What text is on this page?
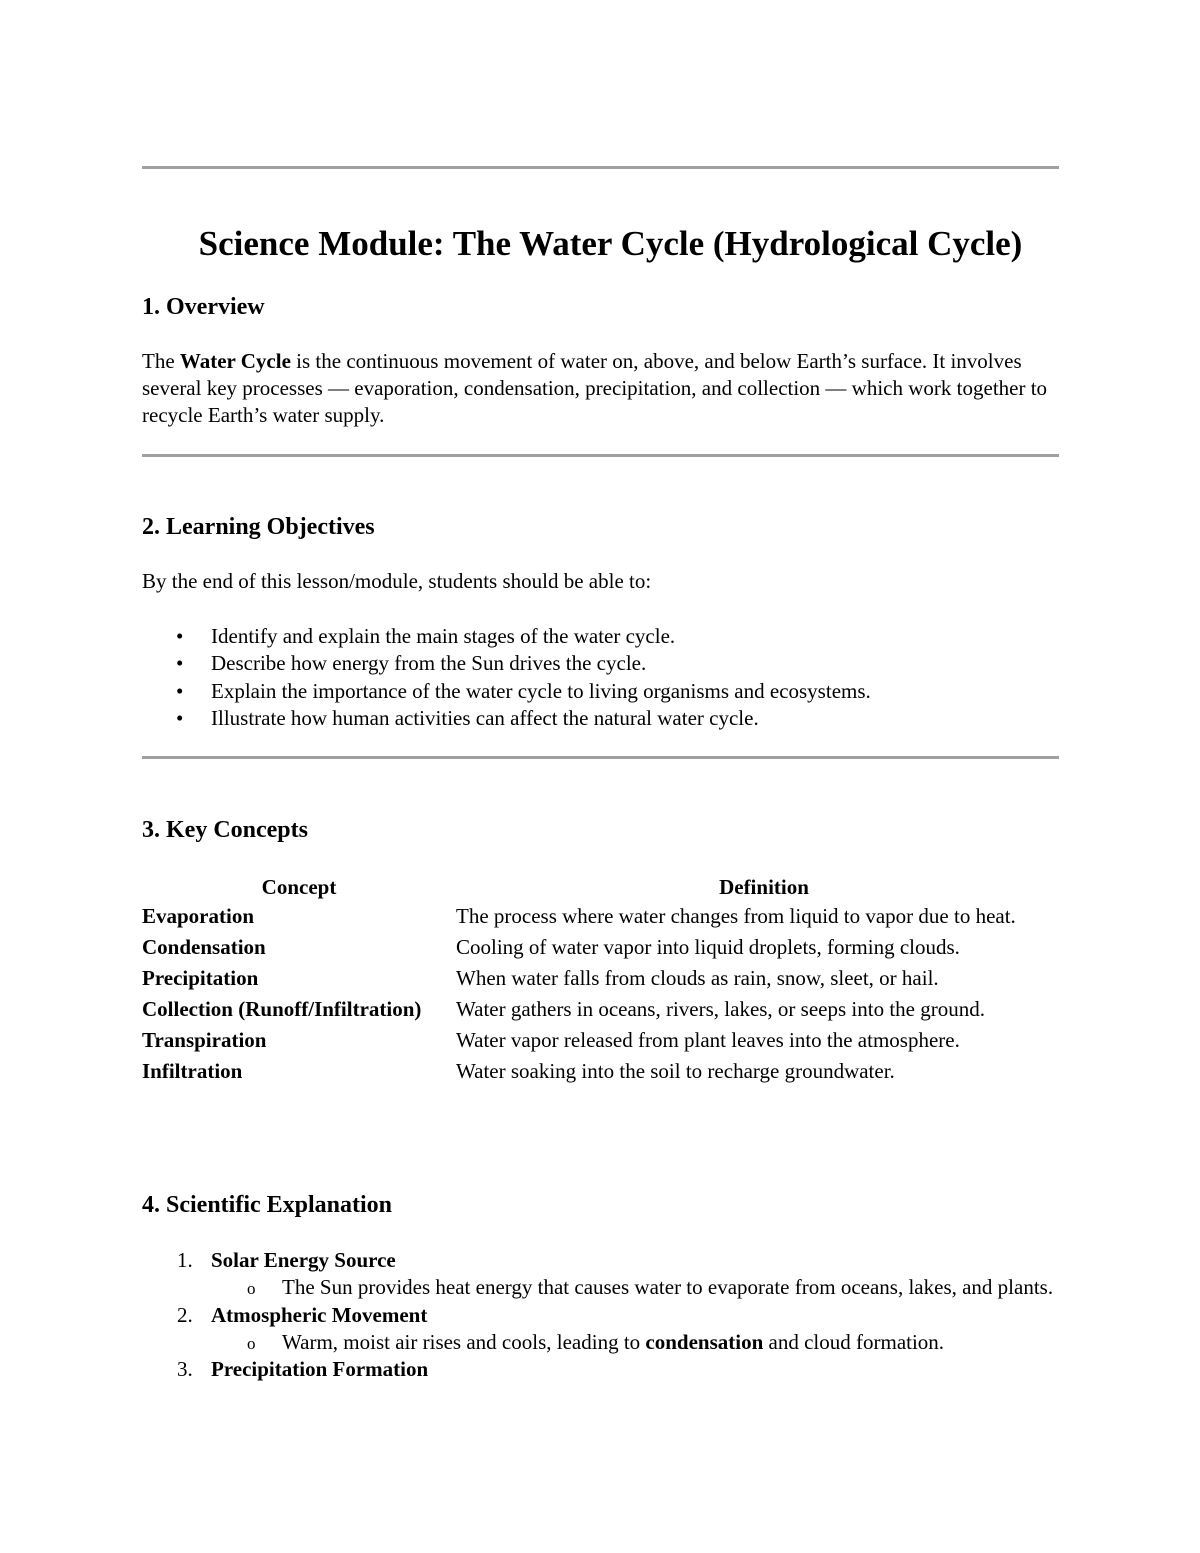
Science Module: The Water Cycle (Hydrological Cycle)
1. Overview

The Water Cycle is the continuous movement of water on, above, and below Earth’s surface. It involves several key processes — evaporation, condensation, precipitation, and collection — which work together to recycle Earth’s water supply.

2. Learning Objectives

By the end of this lesson/module, students should be able to:

• Identify and explain the main stages of the water cycle.
• Describe how energy from the Sun drives the cycle.
• Explain the importance of the water cycle to living organisms and ecosystems.
• Illustrate how human activities can affect the natural water cycle.
3. Key Concepts
Concept	Definition
Evaporation	The process where water changes from liquid to vapor due to heat.
Condensation	Cooling of water vapor into liquid droplets, forming clouds.
Precipitation	When water falls from clouds as rain, snow, sleet, or hail.
Collection (Runoff/Infiltration)	Water gathers in oceans, rivers, lakes, or seeps into the ground.
Transpiration	Water vapor released from plant leaves into the atmosphere.
Infiltration	Water soaking into the soil to recharge groundwater.
4. Scientific Explanation
1. Solar Energy Source
o The Sun provides heat energy that causes water to evaporate from oceans, lakes, and plants.
2. Atmospheric Movement
o Warm, moist air rises and cools, leading to condensation and cloud formation.
3. Precipitation Formation
